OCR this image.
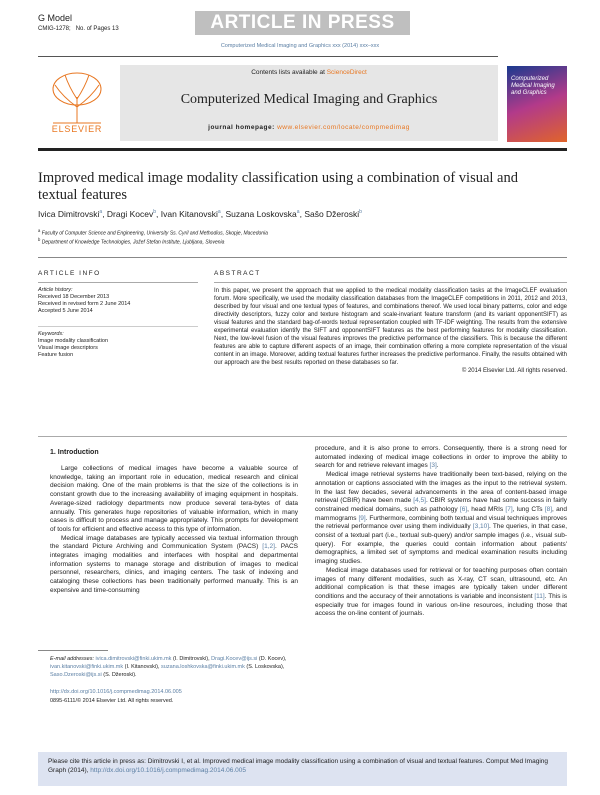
G Model
CMIG-1278; No. of Pages 13	ARTICLE IN PRESS
Computerized Medical Imaging and Graphics xxx (2014) xxx–xxx
ELSEVIER
Contents lists available at ScienceDirect
Computerized Medical Imaging and Graphics
journal homepage: www.elsevier.com/locate/compmedimag
Computerized Medical Imaging and Graphics
Improved medical image modality classification using a combination of visual and textual features
Ivica Dimitrovski$^a$, Dragi Kocev$^b$, Ivan Kitanovski$^a$, Suzana Loskovska$^a$, Sašo Džeroski$^b$
$^a$ Faculty of Computer Science and Engineering, University Ss. Cyril and Methodius, Skopje, Macedonia
$^b$ Department of Knowledge Technologies, Jožef Stefan Institute, Ljubljana, Slovenia
ARTICLE INFO
Article history:
Received 18 December 2013
Received in revised form 2 June 2014
Accepted 5 June 2014
Keywords:
Image modality classification
Visual image descriptors
Feature fusion
ABSTRACT
In this paper, we present the approach that we applied to the medical modality classification tasks at the ImageCLEF evaluation forum. More specifically, we used the modality classification databases from the ImageCLEF competitions in 2011, 2012 and 2013, described by four visual and one textual types of features, and combinations thereof. We used local binary patterns, color and edge directivity descriptors, fuzzy color and texture histogram and scale-invariant feature transform (and its variant opponentSIFT) as visual features and the standard bag-of-words textual representation coupled with TF-IDF weighting. The results from the extensive experimental evaluation identify the SIFT and opponentSIFT features as the best performing features for modality classification. Next, the low-level fusion of the visual features improves the predictive performance of the classifiers. This is because the different features are able to capture different aspects of an image, their combination offering a more complete representation of the visual content in an image. Moreover, adding textual features further increases the predictive performance. Finally, the results obtained with our approach are the best results reported on these databases so far.
© 2014 Elsevier Ltd. All rights reserved.
1. Introduction

Large collections of medical images have become a valuable source of knowledge, taking an important role in education, medical research and clinical decision making. One of the main problems is that the size of the collections is in constant growth due to the increasing availability of imaging equipment in hospitals. Average-sized radiology departments now produce several tera-bytes of data annually. This generates huge repositories of valuable information, which in many cases is difficult to process and manage appropriately. This prompts for development of tools for efficient and effective access to this type of information.

Medical image databases are typically accessed via textual information through the standard Picture Archiving and Communication System (PACS) [1,2]. PACS integrates imaging modalities and interfaces with hospital and departmental information systems to manage storage and distribution of images to medical personnel, researchers, clinics, and imaging centers. The task of indexing and cataloging these collections has been traditionally performed manually. This is an expensive and time-consuming

procedure, and it is also prone to errors. Consequently, there is a strong need for automated indexing of medical image collections in order to improve the ability to search for and retrieve relevant images [3].

Medical image retrieval systems have traditionally been text-based, relying on the annotation or captions associated with the images as the input to the retrieval system. In the last few decades, several advancements in the area of content-based image retrieval (CBIR) have been made [4,5]. CBIR systems have had some success in fairly constrained medical domains, such as pathology [6], head MRIs [7], lung CTs [8], and mammograms [9]. Furthermore, combining both textual and visual techniques improves the retrieval performance over using them individually [3,10]. The queries, in that case, consist of a textual part (i.e., textual sub-query) and/or sample images (i.e., visual sub-query). For example, the queries could contain information about patients' demographics, a limited set of symptoms and medical examination results including imaging studies.

Medical image databases used for retrieval or for teaching purposes often contain images of many different modalities, such as X-ray, CT scan, ultrasound, etc. An additional complication is that these images are typically taken under different conditions and the accuracy of their annotations is variable and inconsistent [11]. This is especially true for images found in various on-line resources, including those that access the on-line content of journals.

E-mail addresses: ivica.dimitrovski@finki.ukim.mk (I. Dimitrovski), Dragi.Kocev@ijs.si (D. Kocev), ivan.kitanovski@finki.ukim.mk (I. Kitanovski), suzana.loshkovska@finki.ukim.mk (S. Loskovska), Saso.Dzeroski@ijs.si (S. Džeroski).
http://dx.doi.org/10.1016/j.compmedimag.2014.06.005
0895-6111/© 2014 Elsevier Ltd. All rights reserved.
Please cite this article in press as: Dimitrovski I, et al. Improved medical image modality classification using a combination of visual and textual features. Comput Med Imaging Graph (2014), http://dx.doi.org/10.1016/j.compmedimag.2014.06.005
